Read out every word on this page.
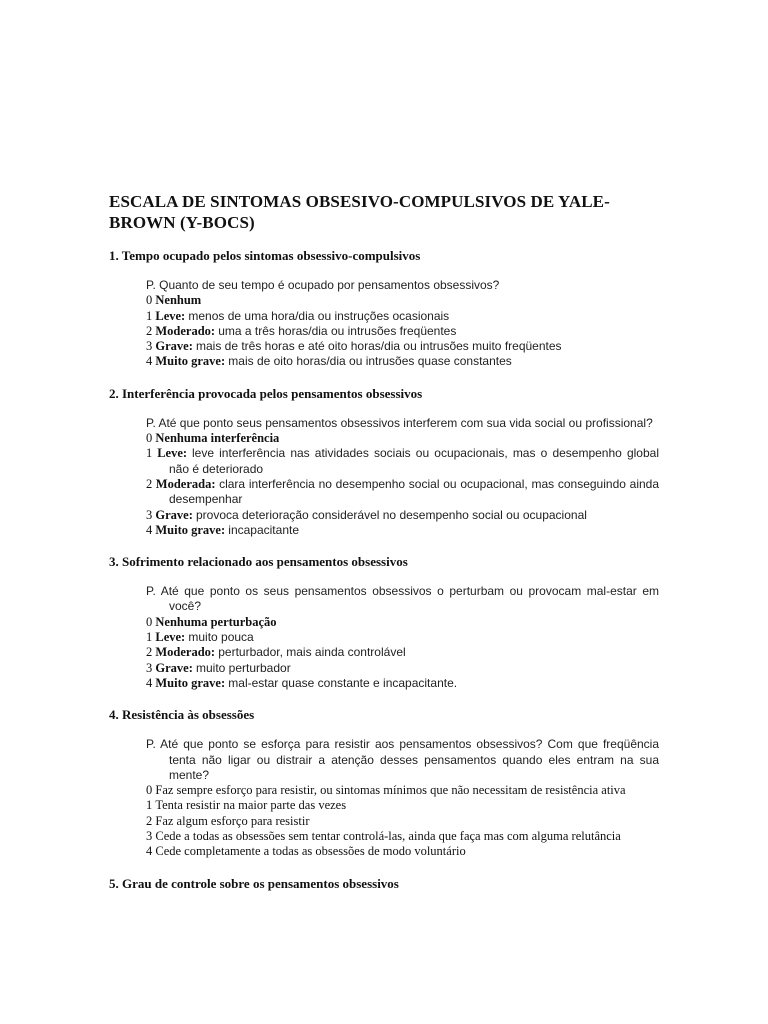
ESCALA DE SINTOMAS OBSESIVO-COMPULSIVOS DE YALE-BROWN (Y-BOCS)
1. Tempo ocupado pelos sintomas obsessivo-compulsivos

P. Quanto de seu tempo é ocupado por pensamentos obsessivos?

0 Nenhum

1 Leve: menos de uma hora/dia ou instruções ocasionais

2 Moderado: uma a três horas/dia ou intrusões freqüentes

3 Grave: mais de três horas e até oito horas/dia ou intrusões muito freqüentes

4 Muito grave: mais de oito horas/dia ou intrusões quase constantes

2. Interferência provocada pelos pensamentos obsessivos

P. Até que ponto seus pensamentos obsessivos interferem com sua vida social ou profissional?

0 Nenhuma interferência

1 Leve: leve interferência nas atividades sociais ou ocupacionais, mas o desempenho global não é deteriorado

2 Moderada: clara interferência no desempenho social ou ocupacional, mas conseguindo ainda desempenhar

3 Grave: provoca deterioração considerável no desempenho social ou ocupacional

4 Muito grave: incapacitante

3. Sofrimento relacionado aos pensamentos obsessivos

P. Até que ponto os seus pensamentos obsessivos o perturbam ou provocam mal-estar em você?

0 Nenhuma perturbação

1 Leve: muito pouca

2 Moderado: perturbador, mais ainda controlável

3 Grave: muito perturbador

4 Muito grave: mal-estar quase constante e incapacitante.

4. Resistência às obsessões

P. Até que ponto se esforça para resistir aos pensamentos obsessivos? Com que freqüência tenta não ligar ou distrair a atenção desses pensamentos quando eles entram na sua mente?

0 Faz sempre esforço para resistir, ou sintomas mínimos que não necessitam de resistência ativa

1 Tenta resistir na maior parte das vezes

2 Faz algum esforço para resistir

3 Cede a todas as obsessões sem tentar controlá-las, ainda que faça mas com alguma relutância

4 Cede completamente a todas as obsessões de modo voluntário

5. Grau de controle sobre os pensamentos obsessivos
